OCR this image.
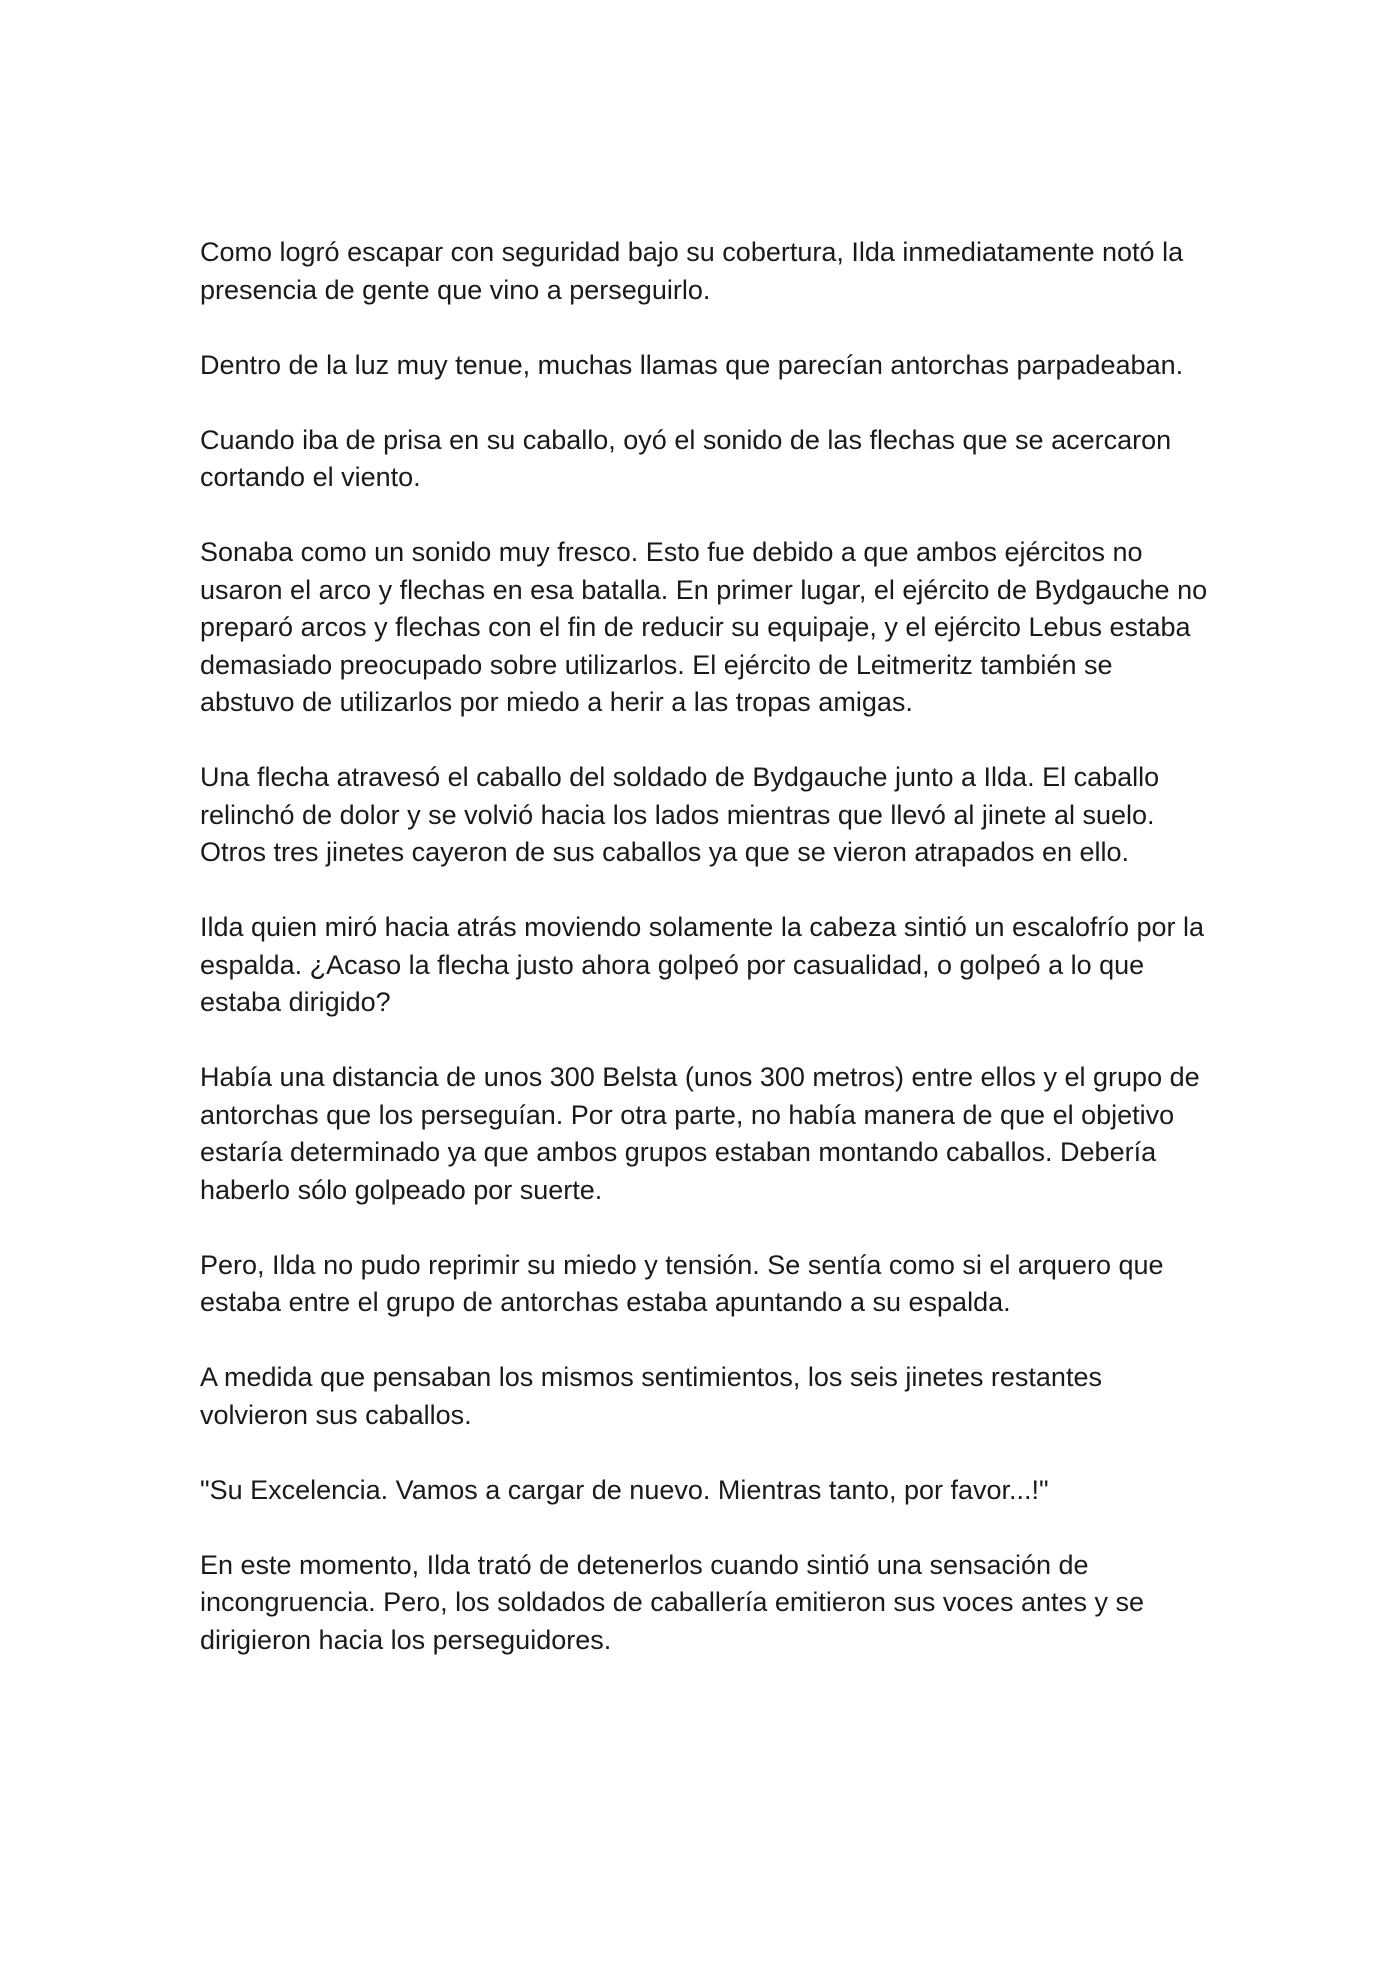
Como logró escapar con seguridad bajo su cobertura, Ilda inmediatamente notó la presencia de gente que vino a perseguirlo.

Dentro de la luz muy tenue, muchas llamas que parecían antorchas parpadeaban.

Cuando iba de prisa en su caballo, oyó el sonido de las flechas que se acercaron cortando el viento.

Sonaba como un sonido muy fresco. Esto fue debido a que ambos ejércitos no usaron el arco y flechas en esa batalla. En primer lugar, el ejército de Bydgauche no preparó arcos y flechas con el fin de reducir su equipaje, y el ejército Lebus estaba demasiado preocupado sobre utilizarlos. El ejército de Leitmeritz también se abstuvo de utilizarlos por miedo a herir a las tropas amigas.

Una flecha atravesó el caballo del soldado de Bydgauche junto a Ilda. El caballo relinchó de dolor y se volvió hacia los lados mientras que llevó al jinete al suelo. Otros tres jinetes cayeron de sus caballos ya que se vieron atrapados en ello.

Ilda quien miró hacia atrás moviendo solamente la cabeza sintió un escalofrío por la espalda. ¿Acaso la flecha justo ahora golpeó por casualidad, o golpeó a lo que estaba dirigido?

Había una distancia de unos 300 Belsta (unos 300 metros) entre ellos y el grupo de antorchas que los perseguían. Por otra parte, no había manera de que el objetivo estaría determinado ya que ambos grupos estaban montando caballos. Debería haberlo sólo golpeado por suerte.

Pero, Ilda no pudo reprimir su miedo y tensión. Se sentía como si el arquero que estaba entre el grupo de antorchas estaba apuntando a su espalda.

A medida que pensaban los mismos sentimientos, los seis jinetes restantes volvieron sus caballos.

"Su Excelencia. Vamos a cargar de nuevo. Mientras tanto, por favor...!"

En este momento, Ilda trató de detenerlos cuando sintió una sensación de incongruencia. Pero, los soldados de caballería emitieron sus voces antes y se dirigieron hacia los perseguidores.
